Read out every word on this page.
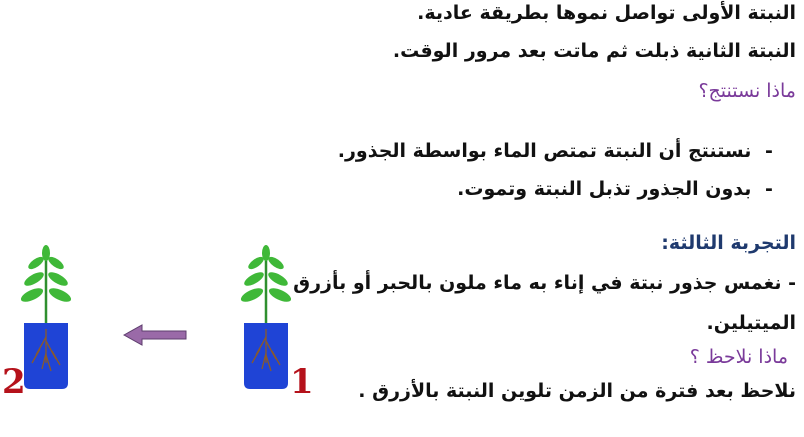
النبتة الأولى تواصل نموها بطريقة عادية.

النبتة الثانية ذبلت ثم ماتت بعد مرور الوقت.

ماذا نستنتج؟

- نستنتج أن النبتة تمتص الماء بواسطة الجذور.
- بدون الجذور تذبل النبتة وتموت.

التجربة الثالثة:

- نغمس جذور نبتة في إناء به ماء ملون بالحبر أو بأزرق

الميتيلين.

ماذا نلاحظ ؟

نلاحظ بعد فترة من الزمن تلوين النبتة بالأزرق .

2	1
